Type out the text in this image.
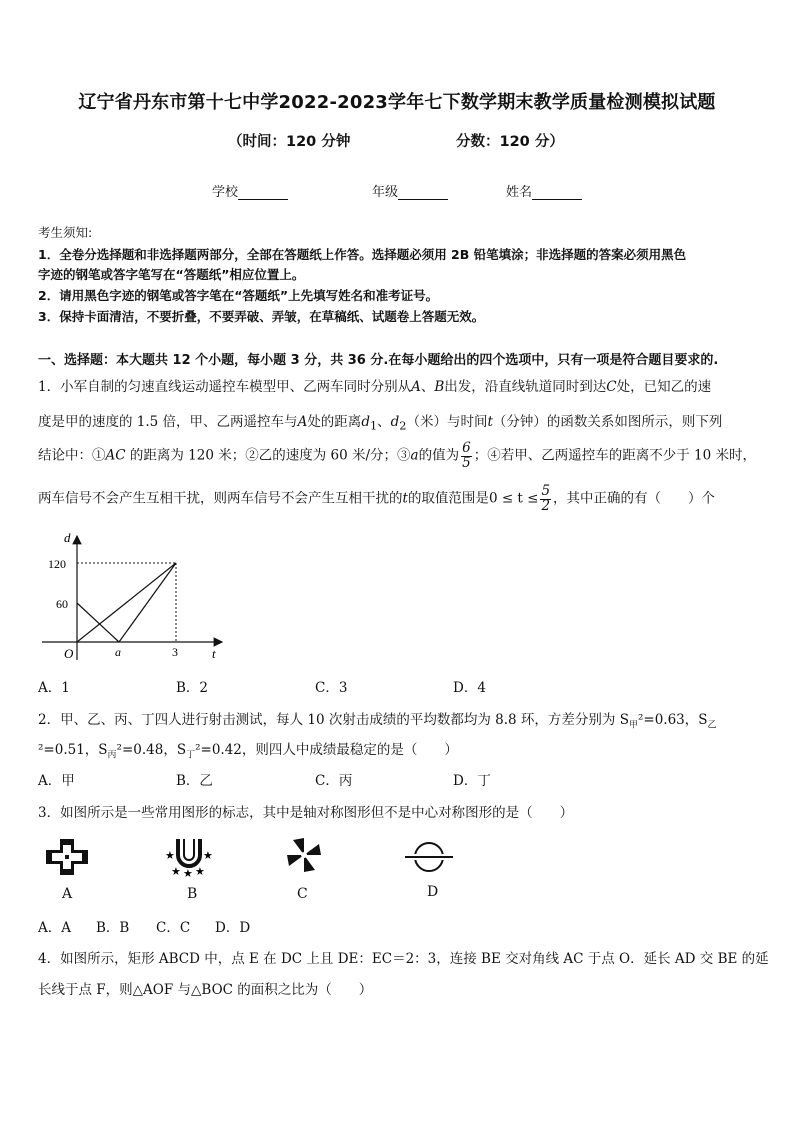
辽宁省丹东市第十七中学2022-2023学年七下数学期末教学质量检测模拟试题
（时间：120 分钟	分数：120 分）
学校	年级	姓名
考生须知:
1．全卷分选择题和非选择题两部分，全部在答题纸上作答。选择题必须用 2B 铅笔填涂；非选择题的答案必须用黑色
字迹的钢笔或答字笔写在“答题纸”相应位置上。
2．请用黑色字迹的钢笔或答字笔在“答题纸”上先填写姓名和准考证号。
3．保持卡面清洁，不要折叠，不要弄破、弄皱，在草稿纸、试题卷上答题无效。
一、选择题：本大题共 12 个小题，每小题 3 分，共 36 分.在每小题给出的四个选项中，只有一项是符合题目要求的.
1．小军自制的匀速直线运动遥控车模型甲、乙两车同时分别从A、B出发，沿直线轨道同时到达C处，已知乙的速
度是甲的速度的 1.5 倍，甲、乙两遥控车与A处的距离$d_1$、$d_2$（米）与时间t（分钟）的函数关系如图所示，则下列
结论中：①AC 的距离为 120 米；②乙的速度为 60 米/分；③a的值为 $\frac{6}{5}$ ；④若甲、乙两遥控车的距离不少于 10 米时，
两车信号不会产生互相干扰，则两车信号不会产生互相干扰的t的取值范围是$0 \le t \le \frac{5}{2}$ ，其中正确的有（　　）个
d
t
O
120
60
a	3
A．1	B．2	C．3	D．4
2．甲、乙、丙、丁四人进行射击测试，每人 10 次射击成绩的平均数都均为 8.8 环，方差分别为 $S_甲^2=0.63$，$S_乙$
²=0.51，$S_丙^2=0.48$，$S_丁^2=0.42$，则四人中成绩最稳定的是（　　）
A．甲	B．乙	C．丙	D．丁
3．如图所示是一些常用图形的标志，其中是轴对称图形但不是中心对称图形的是（　　）
A
★	★
★ ★ ★
B	C	D
A．A B．B C．C D．D
4．如图所示，矩形 ABCD 中，点 E 在 DC 上且 DE：EC＝2：3，连接 BE 交对角线 AC 于点 O．延长 AD 交 BE 的延
长线于点 F，则△AOF 与△BOC 的面积之比为（　　）
